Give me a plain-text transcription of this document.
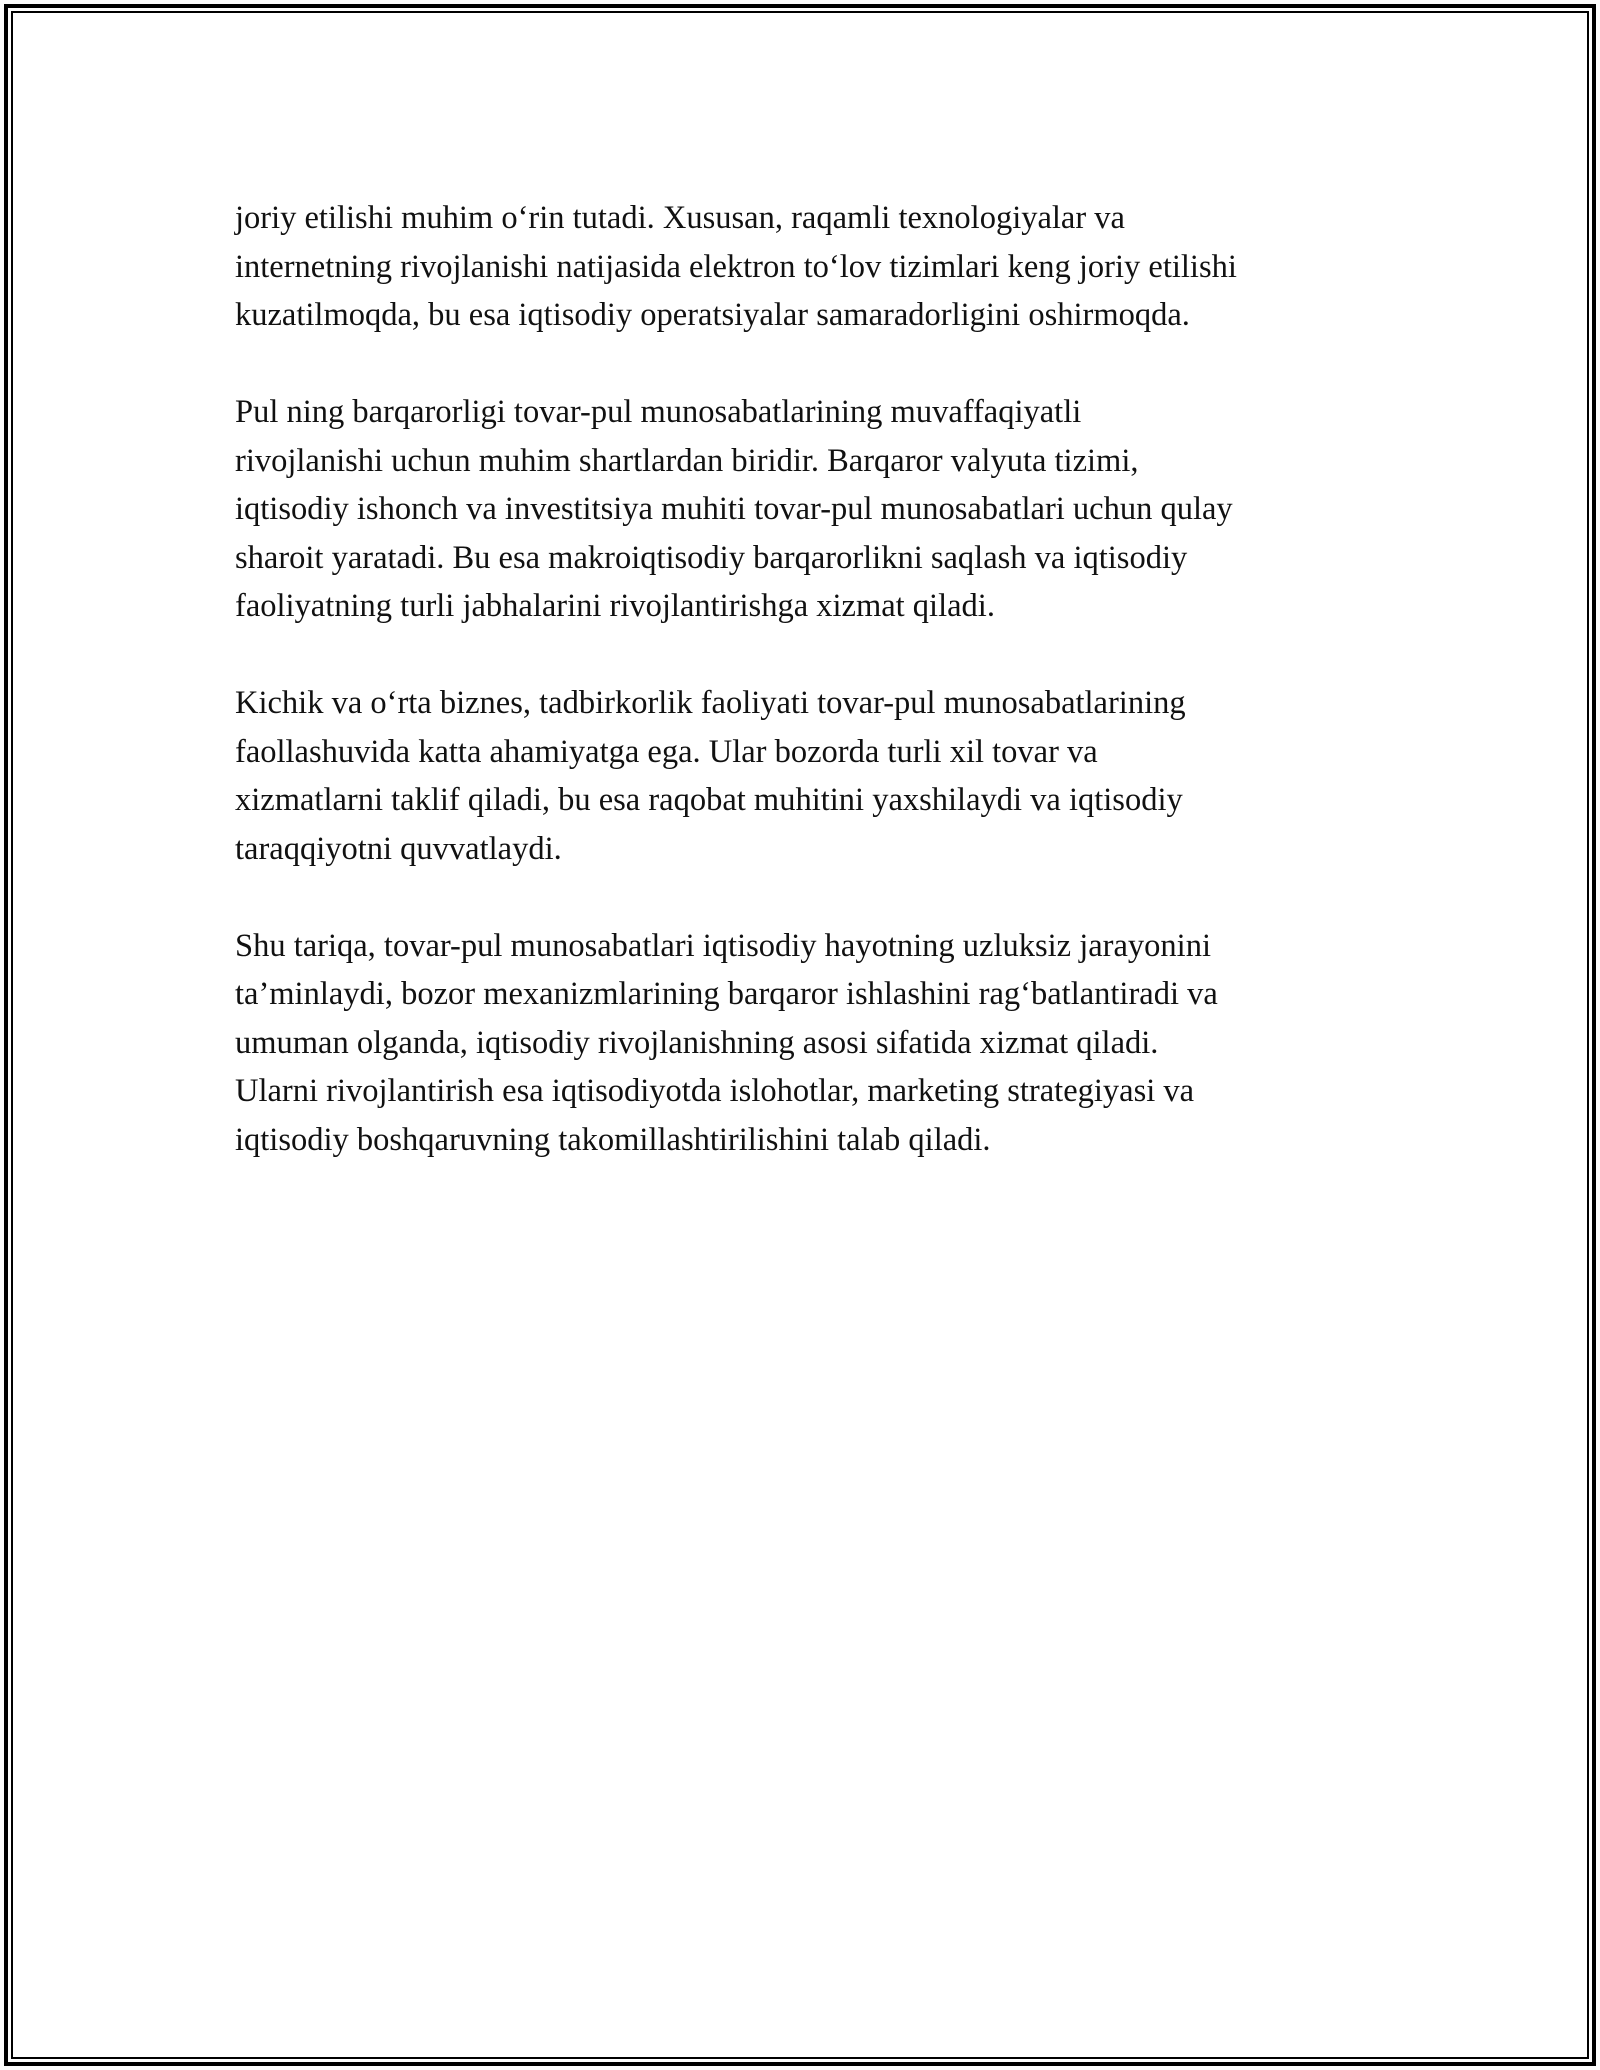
joriy etilishi muhim o‘rin tutadi. Xususan, raqamli texnologiyalar va
internetning rivojlanishi natijasida elektron to‘lov tizimlari keng joriy etilishi
kuzatilmoqda, bu esa iqtisodiy operatsiyalar samaradorligini oshirmoqda.

Pul ning barqarorligi tovar-pul munosabatlarining muvaffaqiyatli
rivojlanishi uchun muhim shartlardan biridir. Barqaror valyuta tizimi,
iqtisodiy ishonch va investitsiya muhiti tovar-pul munosabatlari uchun qulay
sharoit yaratadi. Bu esa makroiqtisodiy barqarorlikni saqlash va iqtisodiy
faoliyatning turli jabhalarini rivojlantirishga xizmat qiladi.

Kichik va o‘rta biznes, tadbirkorlik faoliyati tovar-pul munosabatlarining
faollashuvida katta ahamiyatga ega. Ular bozorda turli xil tovar va
xizmatlarni taklif qiladi, bu esa raqobat muhitini yaxshilaydi va iqtisodiy
taraqqiyotni quvvatlaydi.

Shu tariqa, tovar-pul munosabatlari iqtisodiy hayotning uzluksiz jarayonini
ta’minlaydi, bozor mexanizmlarining barqaror ishlashini rag‘batlantiradi va
umuman olganda, iqtisodiy rivojlanishning asosi sifatida xizmat qiladi.
Ularni rivojlantirish esa iqtisodiyotda islohotlar, marketing strategiyasi va
iqtisodiy boshqaruvning takomillashtirilishini talab qiladi.
